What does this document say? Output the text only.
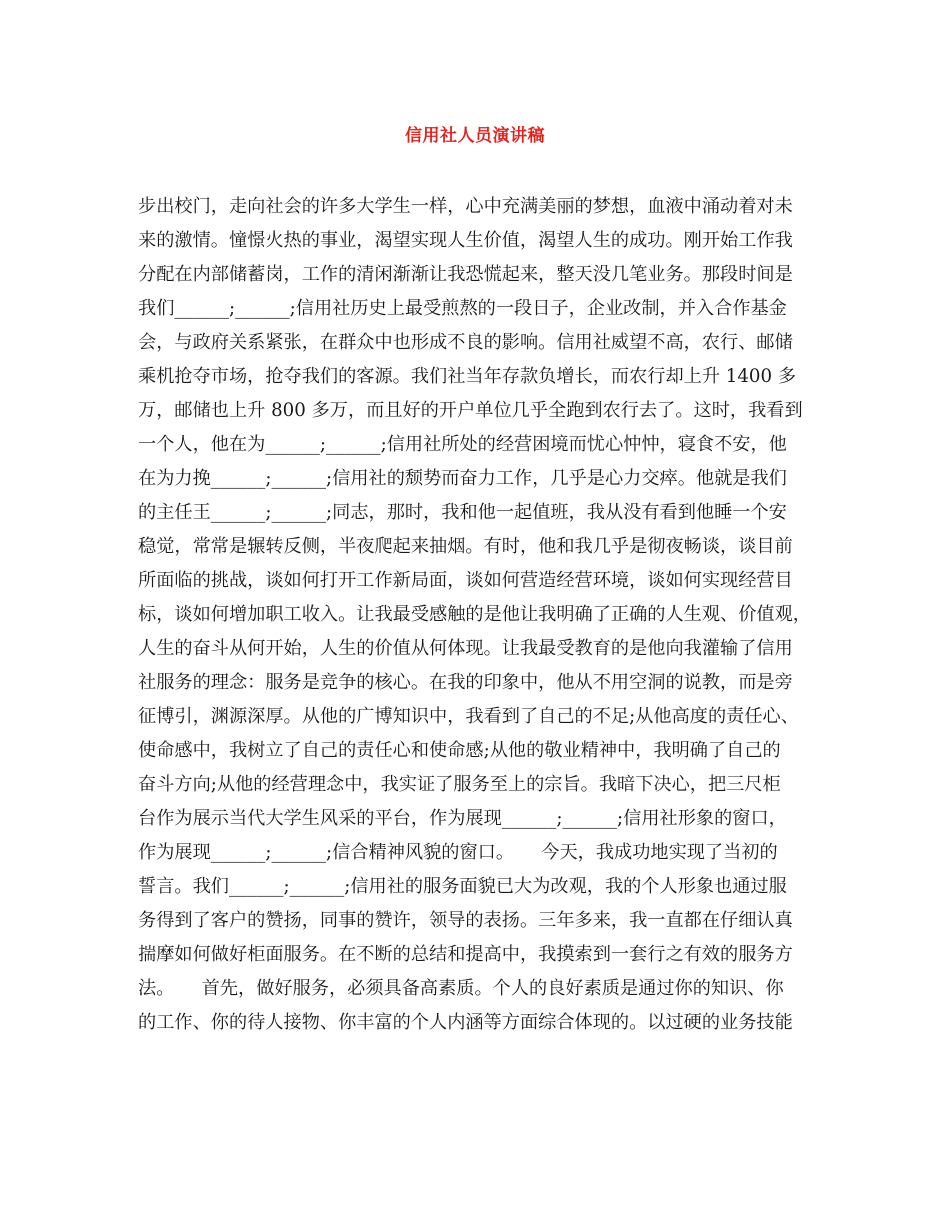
信用社人员演讲稿
步出校门，走向社会的许多大学生一样，心中充满美丽的梦想，血液中涌动着对未
来的激情。憧憬火热的事业，渴望实现人生价值，渴望人生的成功。刚开始工作我
分配在内部储蓄岗，工作的清闲渐渐让我恐慌起来，整天没几笔业务。那段时间是
我们______;______;信用社历史上最受煎熬的一段日子，企业改制，并入合作基金
会，与政府关系紧张，在群众中也形成不良的影响。信用社威望不高，农行、邮储
乘机抢夺市场，抢夺我们的客源。我们社当年存款负增长，而农行却上升 1400 多
万，邮储也上升 800 多万，而且好的开户单位几乎全跑到农行去了。这时，我看到
一个人，他在为______;______;信用社所处的经营困境而忧心忡忡，寝食不安，他
在为力挽______;______;信用社的颓势而奋力工作，几乎是心力交瘁。他就是我们
的主任王______;______;同志，那时，我和他一起值班，我从没有看到他睡一个安
稳觉，常常是辗转反侧，半夜爬起来抽烟。有时，他和我几乎是彻夜畅谈，谈目前
所面临的挑战，谈如何打开工作新局面，谈如何营造经营环境，谈如何实现经营目
标，谈如何增加职工收入。让我最受感触的是他让我明确了正确的人生观、价值观，
人生的奋斗从何开始，人生的价值从何体现。让我最受教育的是他向我灌输了信用
社服务的理念：服务是竞争的核心。在我的印象中，他从不用空洞的说教，而是旁
征博引，渊源深厚。从他的广博知识中，我看到了自己的不足;从他高度的责任心、
使命感中，我树立了自己的责任心和使命感;从他的敬业精神中，我明确了自己的
奋斗方向;从他的经营理念中，我实证了服务至上的宗旨。我暗下决心，把三尺柜
台作为展示当代大学生风采的平台，作为展现______;______;信用社形象的窗口，
作为展现______;______;信合精神风貌的窗口。　　今天，我成功地实现了当初的
誓言。我们______;______;信用社的服务面貌已大为改观，我的个人形象也通过服
务得到了客户的赞扬，同事的赞许，领导的表扬。三年多来，我一直都在仔细认真
揣摩如何做好柜面服务。在不断的总结和提高中，我摸索到一套行之有效的服务方
法。　　首先，做好服务，必须具备高素质。个人的良好素质是通过你的知识、你
的工作、你的待人接物、你丰富的个人内涵等方面综合体现的。以过硬的业务技能
